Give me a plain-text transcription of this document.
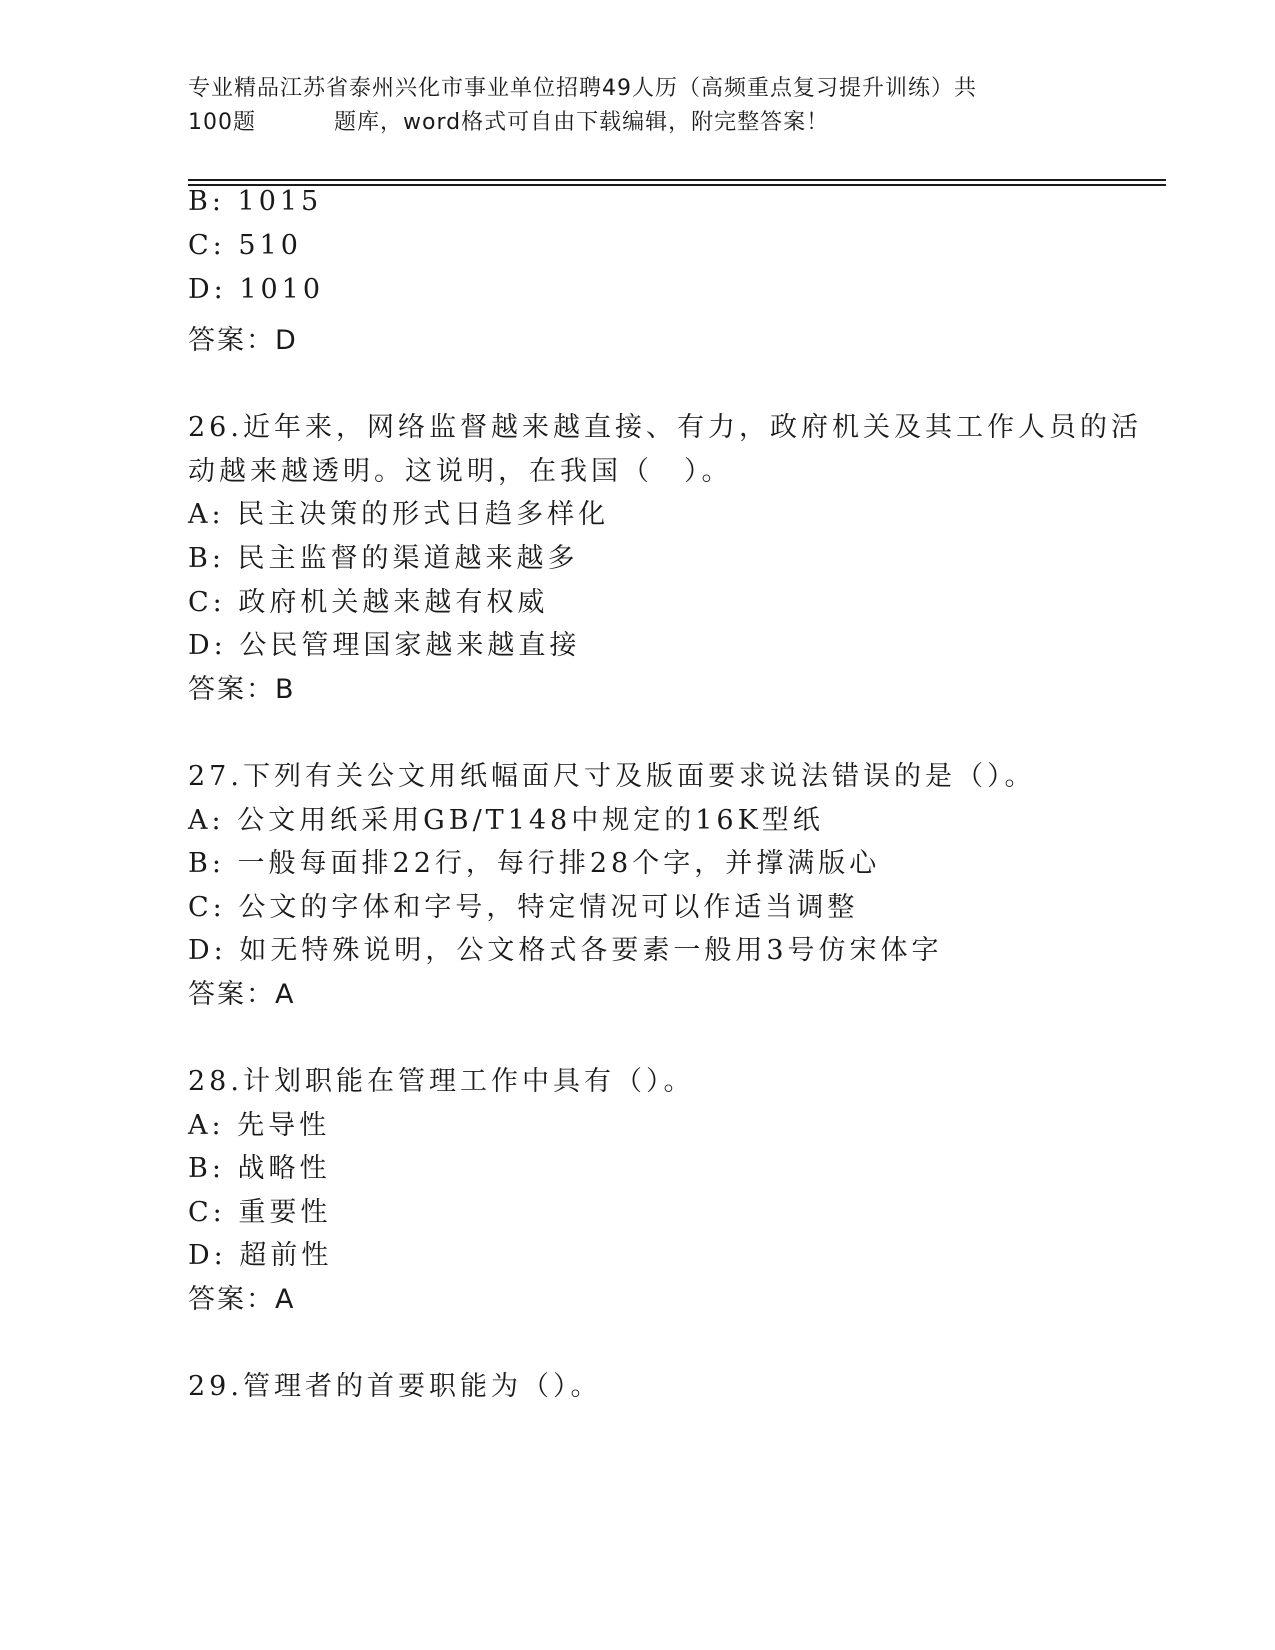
专业精品江苏省泰州兴化市事业单位招聘49人历（高频重点复习提升训练）共
100题	题库，word格式可自由下载编辑，附完整答案！
B: 1015
C: 510
D: 1010
答案：D
26.近年来，网络监督越来越直接、有力，政府机关及其工作人员的活
动越来越透明。这说明，在我国（　）。
A: 民主决策的形式日趋多样化
B: 民主监督的渠道越来越多
C: 政府机关越来越有权威
D: 公民管理国家越来越直接
答案：B
27.下列有关公文用纸幅面尺寸及版面要求说法错误的是（）。
A: 公文用纸采用GB/T148中规定的16K型纸
B: 一般每面排22行，每行排28个字，并撑满版心
C: 公文的字体和字号，特定情况可以作适当调整
D: 如无特殊说明，公文格式各要素一般用3号仿宋体字
答案：A
28.计划职能在管理工作中具有（）。
A: 先导性
B: 战略性
C: 重要性
D: 超前性
答案：A
29.管理者的首要职能为（）。
